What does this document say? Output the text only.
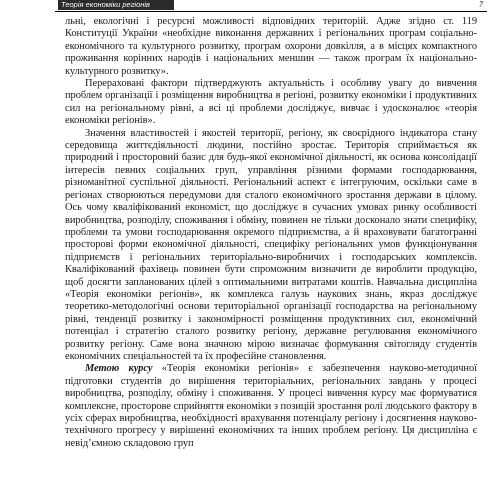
Теорія економіки регіонів	7

льні, екологічні і ресурсні можливості відповідних територій. Адже згідно ст. 119 Конституції України «необхідне виконання державних і регіональних програм соціально-економічного та культурного розвитку, програм охорони довкілля, а в місцях компактного проживання корінних народів і національних меншин — також програм їх національно-культурного розвитку».

Перераховані фактори підтверджують актуальність і особливу увагу до вивчення проблем організації і розміщення виробництва в регіоні, розвитку економіки і продуктивних сил на регіональному рівні, а всі ці проблеми досліджує, вивчає і удосконалює «теорія економіки регіонів».

Значення властивостей і якостей території, регіону, як своєрідного індикатора стану середовища життєдіяльності людини, постійно зростає. Територія сприймається як природний і просторовий базис для будь-якої економічної діяльності, як основа консолідації інтересів певних соціальних груп, управління різними формами господарювання, різноманітної суспільної діяльності. Регіональний аспект є інтегруючим, оскільки саме в регіонах створюються передумови для сталого економічного зростання держави в цілому. Ось чому кваліфікований економіст, що досліджує в сучасних умовах ринку особливості виробництва, розподілу, споживання і обміну, повинен не тільки досконало знати специфіку, проблеми та умови господарювання окремого підприємства, а й враховувати багатогранні просторові форми економічної діяльності, специфіку регіональних умов функціонування підприємств і регіональних територіально-виробничих і господарських комплексів. Кваліфікований фахівець повинен бути спроможним визначити де вироблити продукцію, щоб досягти запланованих цілей з оптимальними витратами коштів. Навчальна дисципліна «Теорія економіки регіонів», як комплекса галузь наукових знань, якраз досліджує теоретико-методологічні основи територіальної організації господарства на регіональному рівні, тенденції розвитку і закономірності розміщення продуктивних сил, економічний потенціал і стратегію сталого розвитку регіону, державне регулювання економічного розвитку регіону. Саме вона значною мірою визначає формування світогляду студентів економічних спеціальностей та їх професійне становлення.

Метою курсу «Теорія економіки регіонів» є забезпечення науково-методичної підготовки студентів до вирішення територіальних, регіональних завдань у процесі виробництва, розподілу, обміну і споживання. У процесі вивчення курсу має формуватися комплексне, просторове сприйняття економіки з позицій зростання ролі людського фактору в усіх сферах виробництва, необхідності врахування потенціалу регіону і досягнення науково-технічного прогресу у вирішенні економічних та інших проблем регіону. Ця дисципліна є невід’ємною складовою груп
